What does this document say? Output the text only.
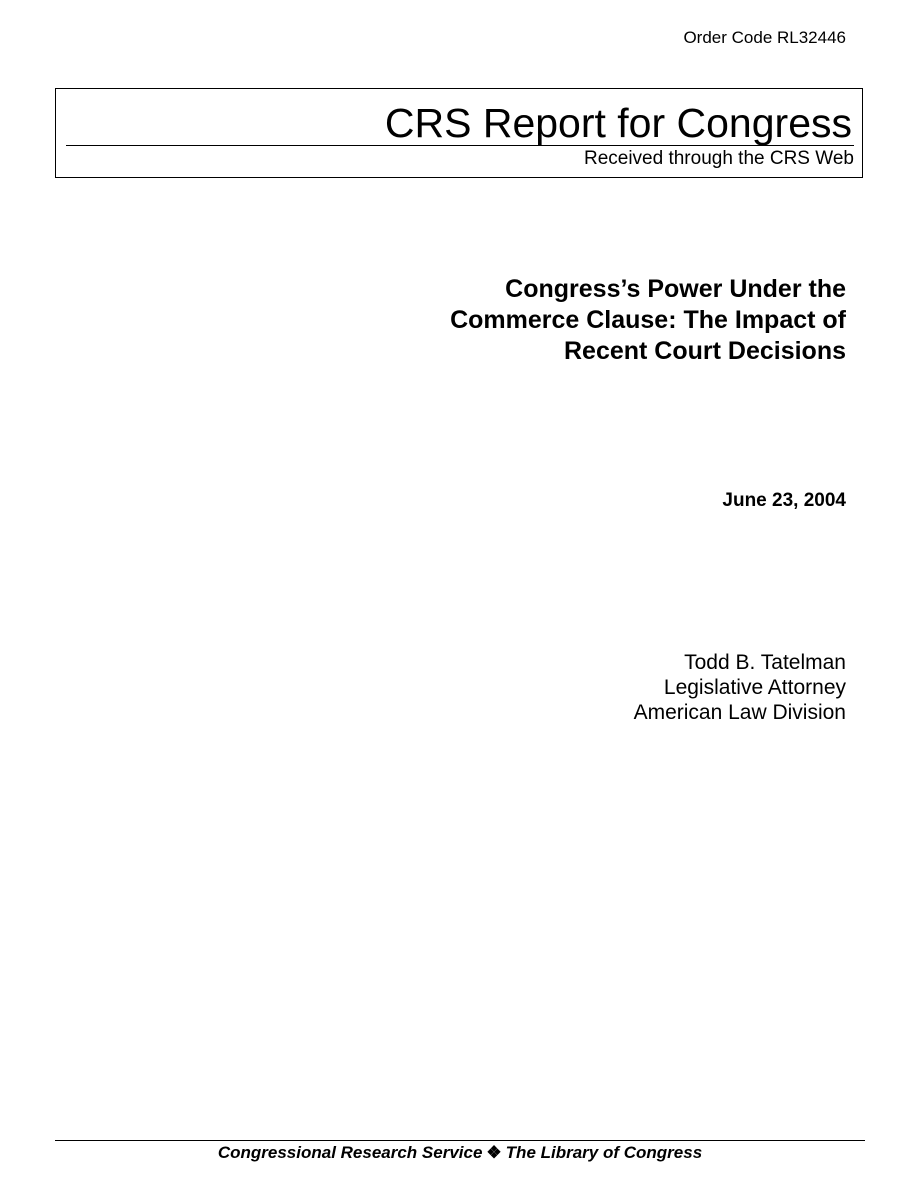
Order Code RL32446
CRS Report for Congress
Received through the CRS Web
Congress’s Power Under the
Commerce Clause: The Impact of
Recent Court Decisions
June 23, 2004
Todd B. Tatelman
Legislative Attorney
American Law Division
Congressional Research Service ❖ The Library of Congress
